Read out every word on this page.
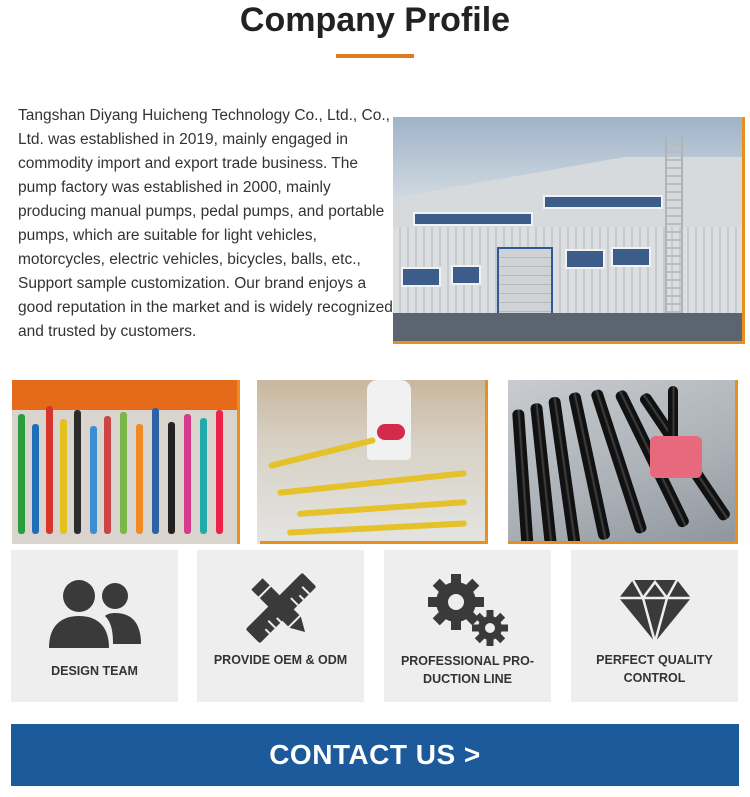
Company Profile
Tangshan Diyang Huicheng Technology Co., Ltd., Co., Ltd. was established in 2019, mainly engaged in commodity import and export trade business. The pump factory was established in 2000, mainly producing manual pumps, pedal pumps, and portable pumps, which are suitable for light vehicles, motorcycles, electric vehicles, bicycles, balls, etc., Support sample customization. Our brand enjoys a good reputation in the market and is widely recognized and trusted by customers.
DESIGN TEAM
PROVIDE OEM & ODM	PROFESSIONAL PRO-DUCTION LINE
PERFECT QUALITY CONTROL
CONTACT US >
